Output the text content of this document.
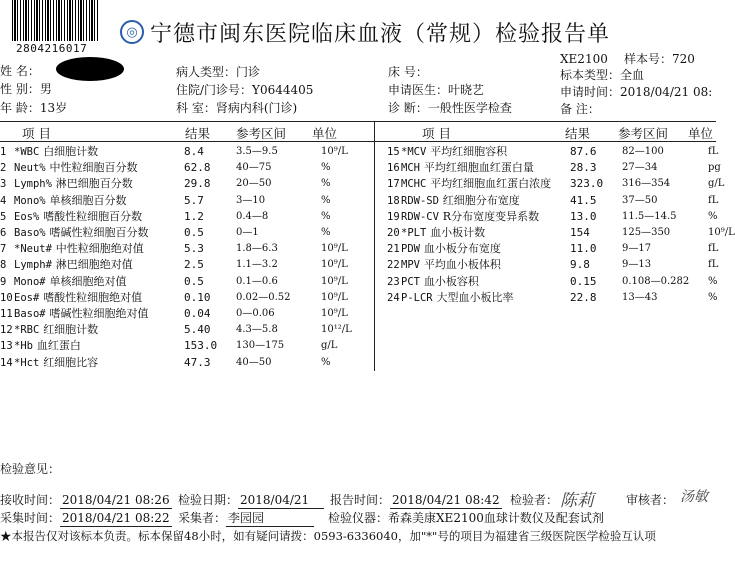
2804216017
◎ 宁德市闽东医院临床血液（常规）检验报告单
姓 名：
性 别：男
年 龄：13岁
病人类型：门诊
住院/门诊号：Y0644405
科 室：肾病内科(门诊)
床 号：
申请医生：叶晓艺
诊 断：一般性医学检查
XE2100 样本号：720
标本类型：全血
申请时间：2018/04/21 08:
备 注：
项 目	结果 参考区间 单位	项 目	结果 参考区间 单位
1 *WBC 白细胞计数	8.4	3.5—9.5	10⁹/L
2 Neut% 中性粒细胞百分数	62.8	40—75	%
3 Lymph% 淋巴细胞百分数	29.8	20—50	%
4 Mono% 单核细胞百分数	5.7	3—10	%
5 Eos% 嗜酸性粒细胞百分数	1.2	0.4—8	%
6 Baso% 嗜碱性粒细胞百分数	0.5	0—1	%
7 *Neut# 中性粒细胞绝对值	5.3	1.8—6.3	10⁹/L
8 Lymph# 淋巴细胞绝对值	2.5	1.1—3.2	10⁹/L
9 Mono# 单核细胞绝对值	0.5	0.1—0.6	10⁹/L
10 Eos# 嗜酸性粒细胞绝对值	0.10	0.02—0.52	10⁹/L
11 Baso# 嗜碱性粒细胞绝对值	0.04	0—0.06	10⁹/L
12 *RBC 红细胞计数	5.40	4.3—5.8	10¹²/L
13 *Hb 血红蛋白	153.0 130—175	g/L
14 *Hct 红细胞比容	47.3	40—50	%
15 *MCV 平均红细胞容积	87.6	82—100	fL
16 MCH 平均红细胞血红蛋白量	28.3	27—34	pg
17 MCHC 平均红细胞血红蛋白浓度 323.0 316—354	g/L
18 RDW-SD 红细胞分布宽度	41.5	37—50	fL
19 RDW-CV R分布宽度变异系数	13.0	11.5—14.5	%
20 *PLT 血小板计数	154	125—350	10⁹/L
21 PDW 血小板分布宽度	11.0	9—17	fL
22 MPV 平均血小板体积	9.8	9—13	fL
23 PCT 血小板容积	0.15	0.108—0.282 %
24 P-LCR 大型血小板比率	22.8	13—43	%
检验意见：
接收时间： 2018/04/21 08:26 检验日期： 2018/04/21	报告时间： 2018/04/21 08:42 检验者： 陈莉	审核者： 汤敏
采集时间： 2018/04/21 08:22 采集者： 李园园	检验仪器：希森美康XE2100血球计数仪及配套试剂
★本报告仅对该标本负责。标本保留48小时，如有疑问请拨：0593-6336040，加"*"号的项目为福建省三级医院医学检验互认项
